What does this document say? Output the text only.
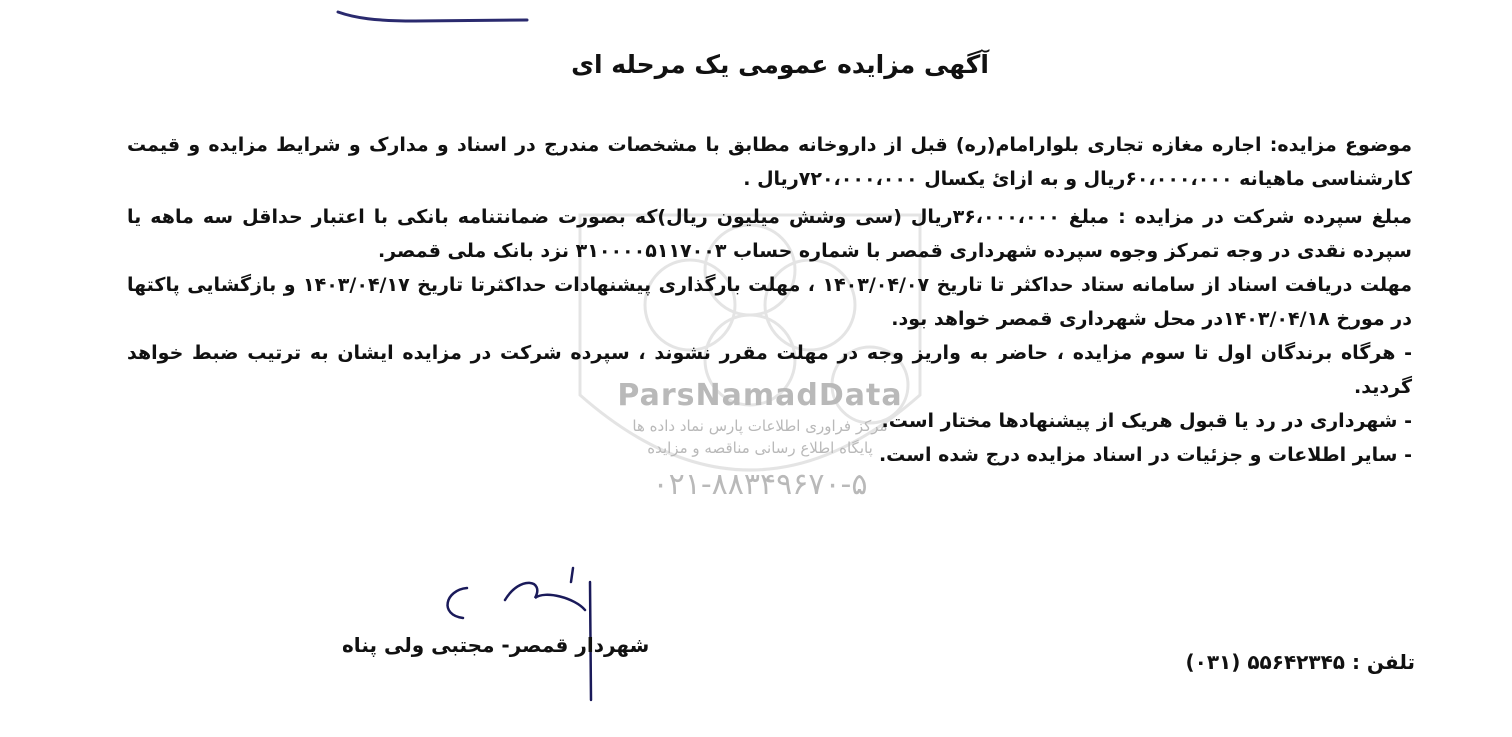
ParsNamadData
مرکز فراوری اطلاعات پارس نماد داده ها
پایگاه اطلاع رسانی مناقصه و مزایده
۰۲۱-۸۸۳۴۹۶۷۰-۵
آگهی مزایده عمومی یک مرحله ای

موضوع مزایده: اجاره مغازه تجاری بلوارامام(ره) قبل از داروخانه مطابق با مشخصات مندرج در اسناد و مدارک و شرایط مزایده و قیمت کارشناسی ماهیانه ۶۰،۰۰۰،۰۰۰ریال و به ازائ یکسال ۷۲۰،۰۰۰،۰۰۰ریال .

مبلغ سپرده شرکت در مزایده : مبلغ ۳۶،۰۰۰،۰۰۰ریال (سی وشش میلیون ریال)که بصورت ضمانتنامه بانکی با اعتبار حداقل سه ماهه یا سپرده نقدی در وجه تمرکز وجوه سپرده شهرداری قمصر با شماره حساب ۳۱۰۰۰۰۵۱۱۷۰۰۳ نزد بانک ملی قمصر.

مهلت دریافت اسناد از سامانه ستاد حداکثر تا تاریخ ۱۴۰۳/۰۴/۰۷ ، مهلت بارگذاری پیشنهادات حداکثرتا تاریخ ۱۴۰۳/۰۴/۱۷ و بازگشایی پاکتها در مورخ ۱۴۰۳/۰۴/۱۸در محل شهرداری قمصر خواهد بود.

- هرگاه برندگان اول تا سوم مزایده ، حاضر به واریز وجه در مهلت مقرر نشوند ، سپرده شرکت در مزایده ایشان به ترتیب ضبط خواهد گردید.

- شهرداری در رد یا قبول هریک از پیشنهادها مختار است.

- سایر اطلاعات و جزئیات در اسناد مزایده درج شده است.

شهردار قمصر- مجتبی ولی پناه
تلفن : ۵۵۶۴۲۳۴۵ (۰۳۱)
